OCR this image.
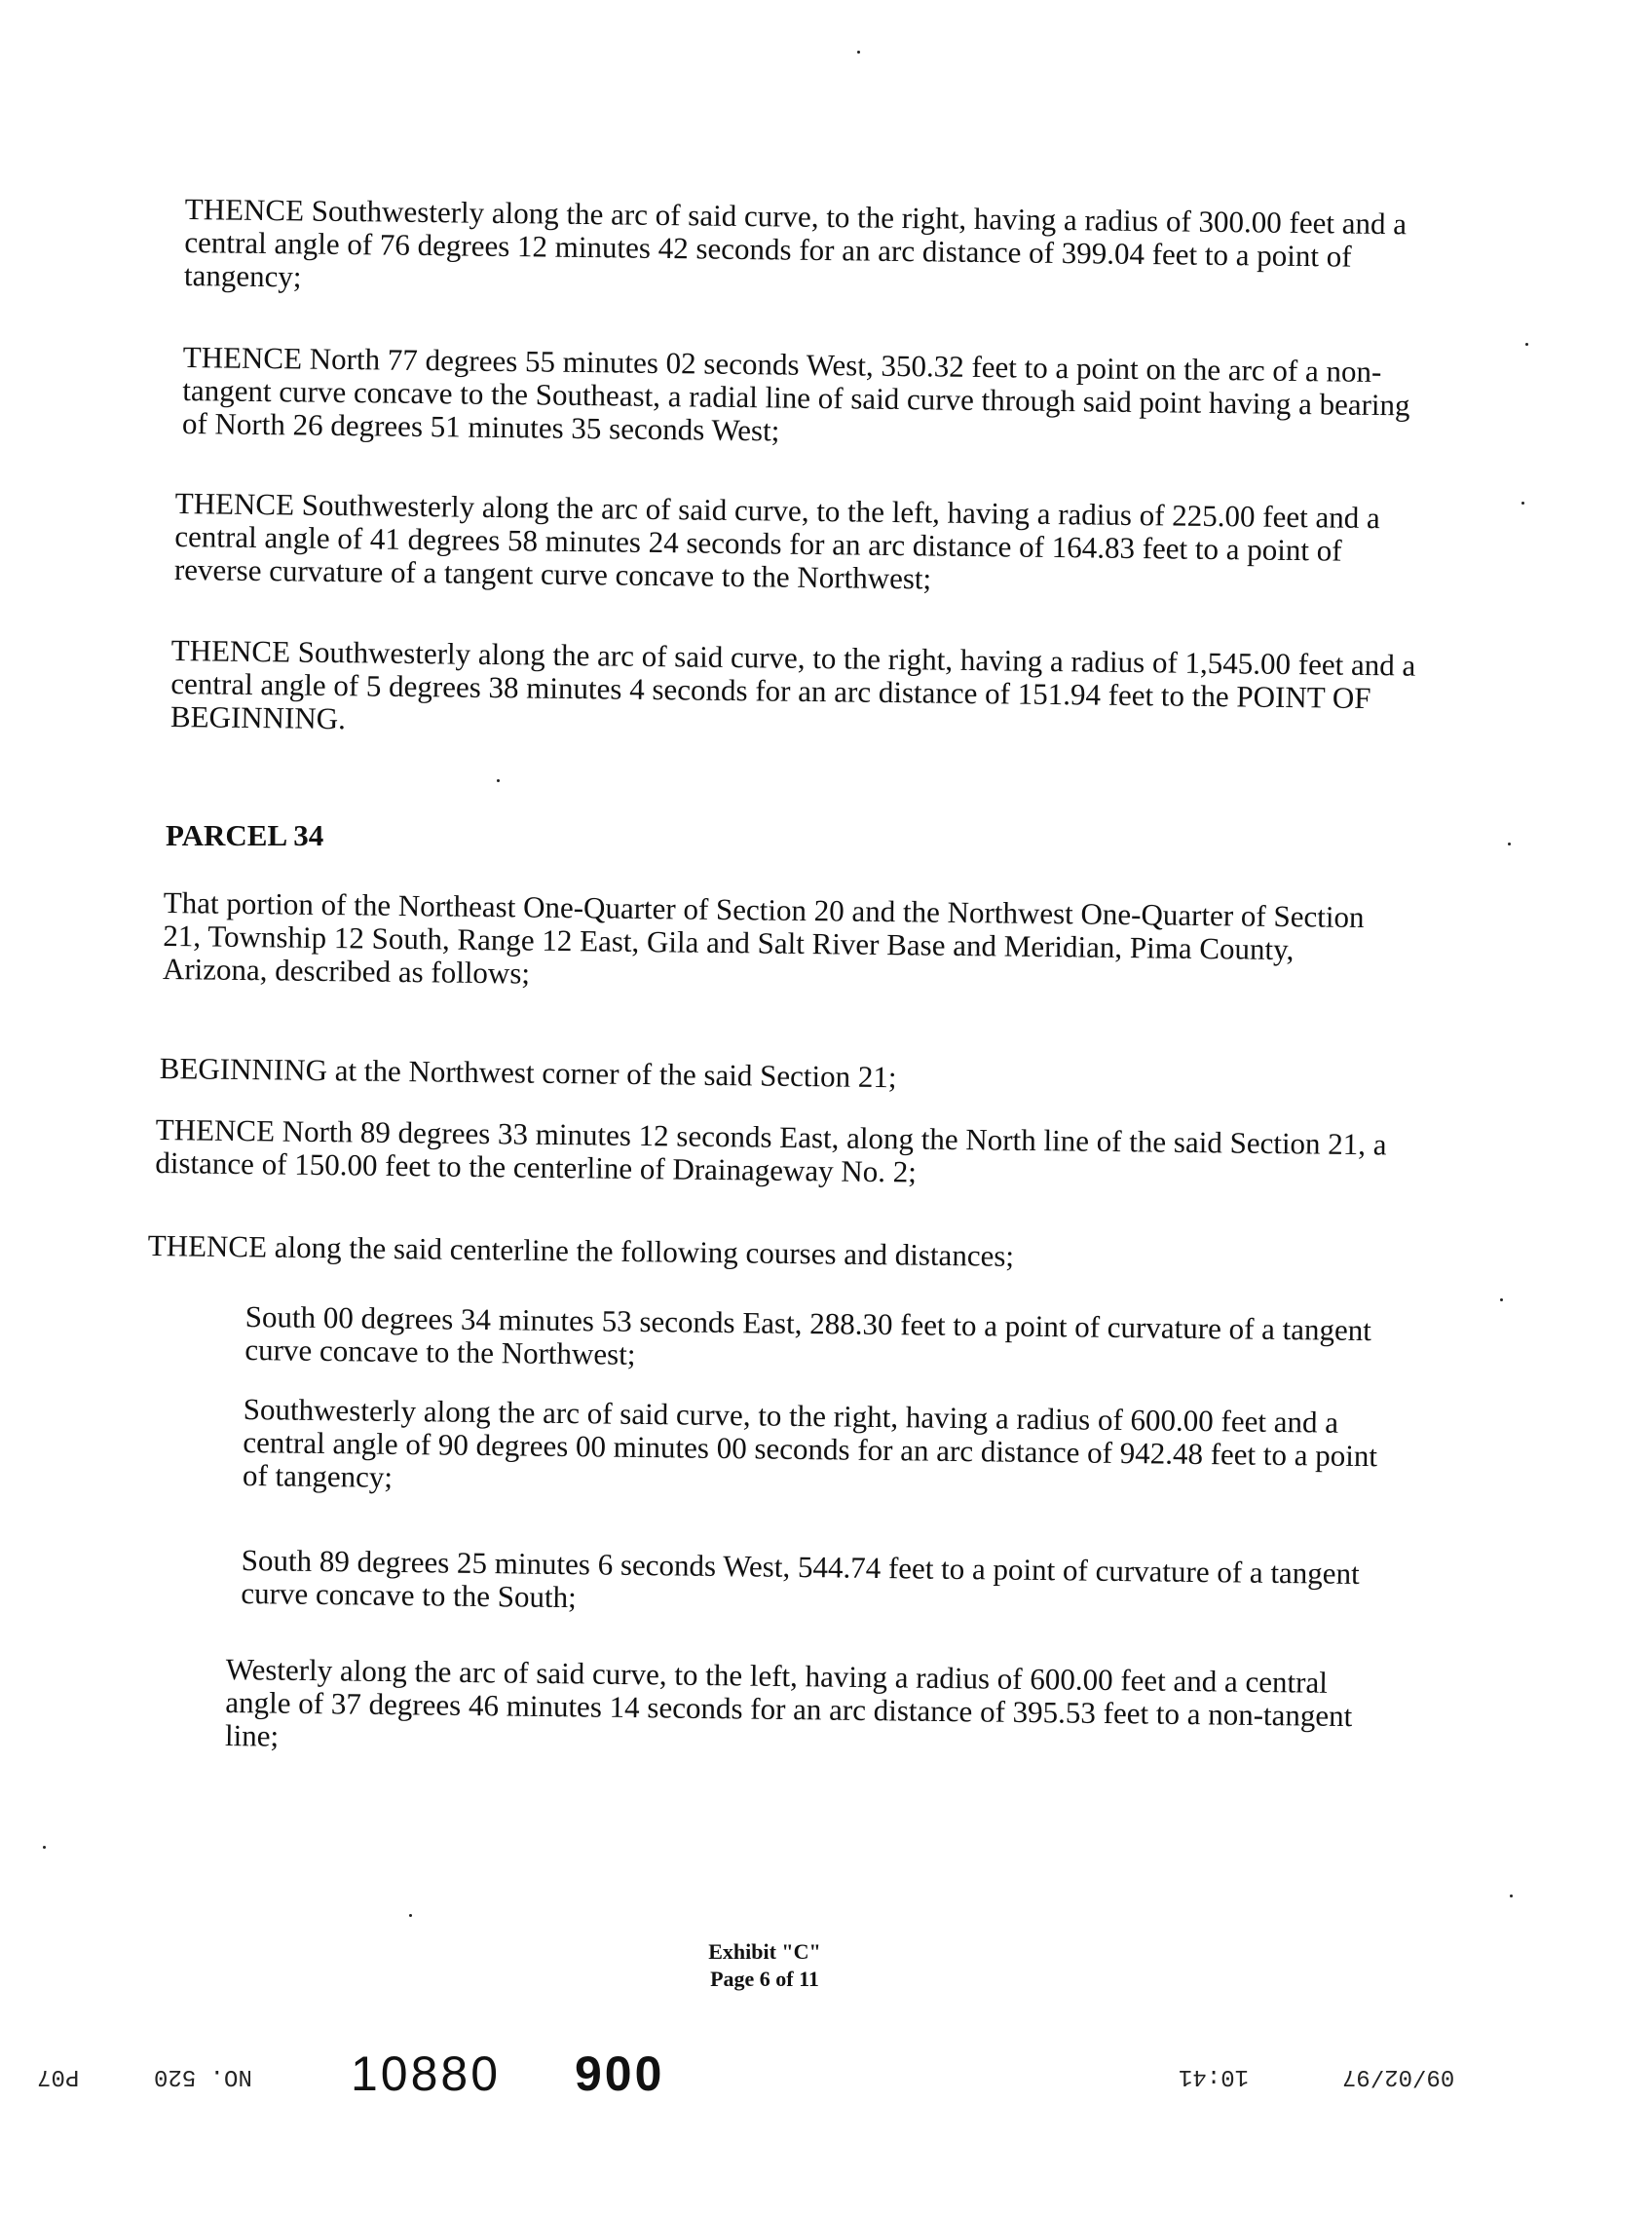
THENCE Southwesterly along the arc of said curve, to the right, having a radius of 300.00 feet and a central angle of 76 degrees 12 minutes 42 seconds for an arc distance of 399.04 feet to a point of tangency;

THENCE North 77 degrees 55 minutes 02 seconds West, 350.32 feet to a point on the arc of a non-tangent curve concave to the Southeast, a radial line of said curve through said point having a bearing of North 26 degrees 51 minutes 35 seconds West;

THENCE Southwesterly along the arc of said curve, to the left, having a radius of 225.00 feet and a central angle of 41 degrees 58 minutes 24 seconds for an arc distance of 164.83 feet to a point of reverse curvature of a tangent curve concave to the Northwest;

THENCE Southwesterly along the arc of said curve, to the right, having a radius of 1,545.00 feet and a central angle of 5 degrees 38 minutes 4 seconds for an arc distance of 151.94 feet to the POINT OF BEGINNING.

PARCEL 34

That portion of the Northeast One-Quarter of Section 20 and the Northwest One-Quarter of Section 21, Township 12 South, Range 12 East, Gila and Salt River Base and Meridian, Pima County, Arizona, described as follows;

BEGINNING at the Northwest corner of the said Section 21;

THENCE North 89 degrees 33 minutes 12 seconds East, along the North line of the said Section 21, a distance of 150.00 feet to the centerline of Drainageway No. 2;

THENCE along the said centerline the following courses and distances;

South 00 degrees 34 minutes 53 seconds East, 288.30 feet to a point of curvature of a tangent curve concave to the Northwest;

Southwesterly along the arc of said curve, to the right, having a radius of 600.00 feet and a central angle of 90 degrees 00 minutes 00 seconds for an arc distance of 942.48 feet to a point of tangency;

South 89 degrees 25 minutes 6 seconds West, 544.74 feet to a point of curvature of a tangent curve concave to the South;

Westerly along the arc of said curve, to the left, having a radius of 600.00 feet and a central angle of 37 degrees 46 minutes 14 seconds for an arc distance of 395.53 feet to a non-tangent line;

Exhibit "C"
Page 6 of 11
P07	NO. 520 10880 900	10:41	09/02/97
